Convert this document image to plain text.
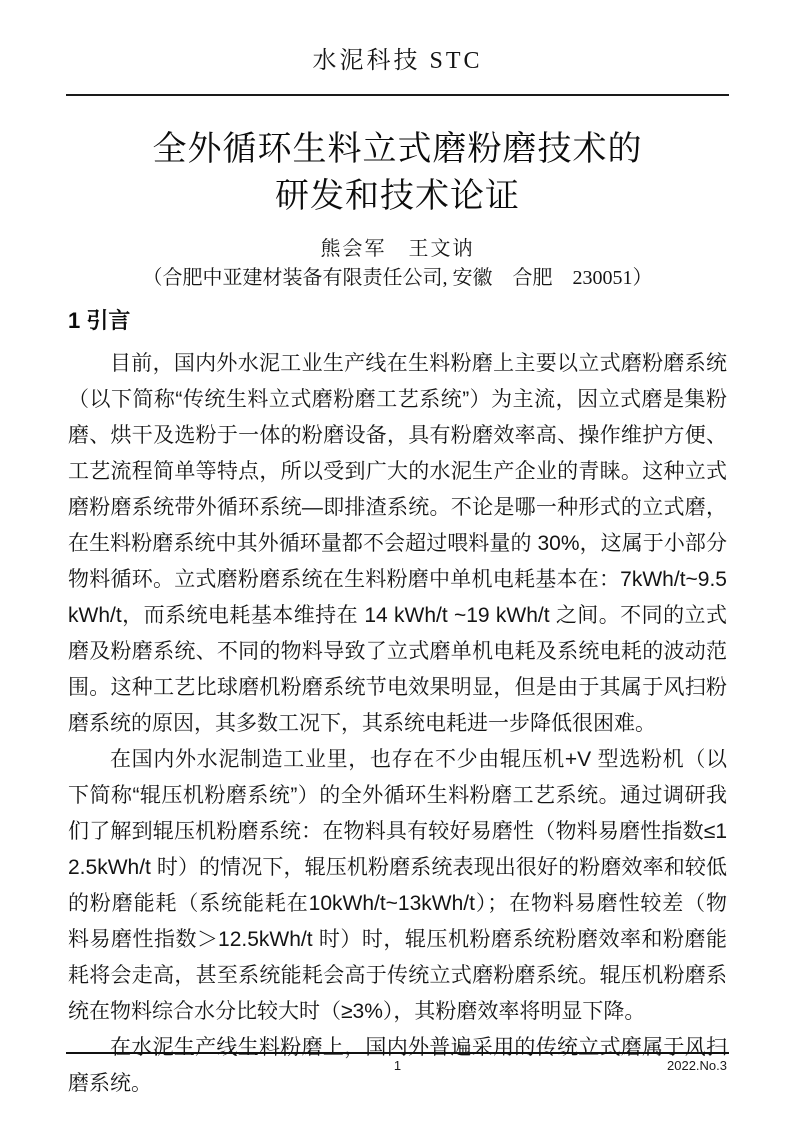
水泥科技 STC
全外循环生料立式磨粉磨技术的
研发和技术论证
熊会军　王文讷
（合肥中亚建材装备有限责任公司, 安徽　合肥　230051）
1 引言

目前，国内外水泥工业生产线在生料粉磨上主要以立式磨粉磨系统（以下简称“传统生料立式磨粉磨工艺系统”）为主流，因立式磨是集粉磨、烘干及选粉于一体的粉磨设备，具有粉磨效率高、操作维护方便、工艺流程简单等特点，所以受到广大的水泥生产企业的青睐。这种立式磨粉磨系统带外循环系统—即排渣系统。不论是哪一种形式的立式磨，在生料粉磨系统中其外循环量都不会超过喂料量的 30%，这属于小部分物料循环。立式磨粉磨系统在生料粉磨中单机电耗基本在：7kWh/t~9.5kWh/t，而系统电耗基本维持在 14 kWh/t ~19 kWh/t 之间。不同的立式磨及粉磨系统、不同的物料导致了立式磨单机电耗及系统电耗的波动范围。这种工艺比球磨机粉磨系统节电效果明显，但是由于其属于风扫粉磨系统的原因，其多数工况下，其系统电耗进一步降低很困难。

在国内外水泥制造工业里，也存在不少由辊压机+V 型选粉机（以下简称“辊压机粉磨系统”）的全外循环生料粉磨工艺系统。通过调研我们了解到辊压机粉磨系统：在物料具有较好易磨性（物料易磨性指数≤12.5kWh/t 时）的情况下，辊压机粉磨系统表现出很好的粉磨效率和较低的粉磨能耗（系统能耗在10kWh/t~13kWh/t）；在物料易磨性较差（物料易磨性指数＞12.5kWh/t 时）时，辊压机粉磨系统粉磨效率和粉磨能耗将会走高，甚至系统能耗会高于传统立式磨粉磨系统。辊压机粉磨系统在物料综合水分比较大时（≥3%），其粉磨效率将明显下降。

在水泥生产线生料粉磨上，国内外普遍采用的传统立式磨属于风扫磨系统。

1	2022.No.3
